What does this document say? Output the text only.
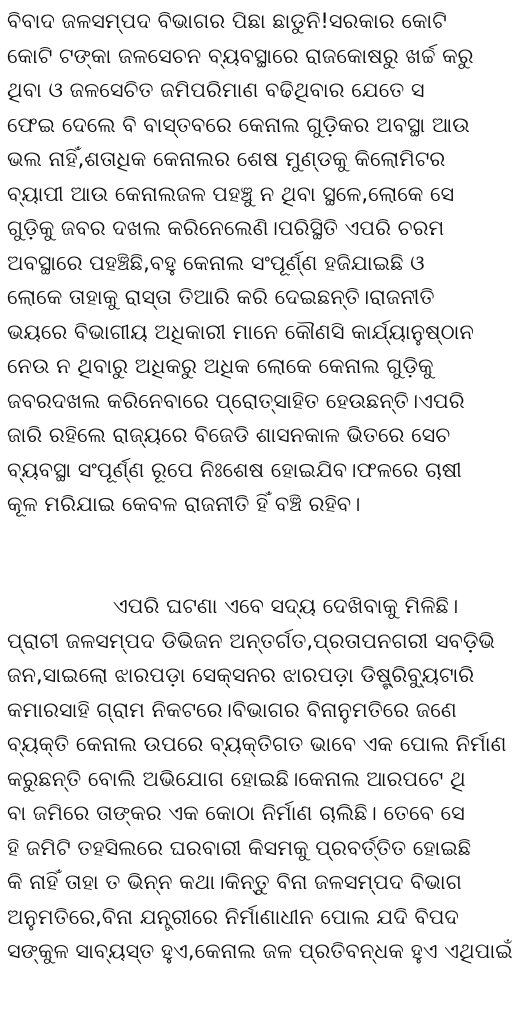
ବିବାଦ ଜଳସମ୍ପଦ ବିଭାଗର ପିଛା ଛାଡୁନି!ସରକାର କୋଟି
କୋଟି ଟଙ୍କା ଜଳସେଚନ ବ୍ୟବସ୍ଥାରେ ରାଜକୋଷରୁ ଖର୍ଚ୍ଚ କରୁ
ଥିବା ଓ ଜଳସେଚିତ ଜମିପରିମାଣ ବଢିଥିବାର ଯେତେ ସ
ଫେଇ ଦେଲେ ବି ବାସ୍ତବରେ କେନାଲ ଗୁଡ଼ିକର ଅବସ୍ଥା ଆଉ
ଭଲ ନାହିଁ,ଶତାଧିକ କେନାଲର ଶେଷ ମୁଣ୍ଡକୁ କିଲୋମିଟର
ବ୍ୟାପୀ ଆଉ କେନାଲଜଳ ପହଞ୍ଚୁ ନ ଥିବା ସ୍ଥଳେ,ଲୋକେ ସେ
ଗୁଡ଼ିକୁ ଜବର ଦଖଲ କରିନେଲେଣି।ପରିସ୍ଥିତି ଏପରି ଚରମ
ଅବସ୍ଥାରେ ପହଞ୍ଚିଛି,ବହୁ କେନାଲ ସଂପୂର୍ଣ୍ଣ ହଜିଯାଇଛି ଓ
ଲୋକେ ତାହାକୁ ରାସ୍ତା ତିଆରି କରି ଦେଇଛନ୍ତି।ରାଜନୀତି
ଭୟରେ ବିଭାଗୀୟ ଅଧିକାରୀ ମାନେ କୌଣସି କାର୍ଯ୍ୟାନୁଷ୍ଠାନ
ନେଉ ନ ଥିବାରୁ ଅଧିକରୁ ଅଧିକ ଲୋକେ କେନାଲ ଗୁଡ଼ିକୁ
ଜବରଦଖଲ କରିନେବାରେ ପ୍ରୋତ୍ସାହିତ ହେଉଛନ୍ତି।ଏପରି
ଜାରି ରହିଲେ ରାଜ୍ୟରେ ବିଜେଡି ଶାସନକାଳ ଭିତରେ ସେଚ
ବ୍ୟବସ୍ଥା ସଂପୂର୍ଣ୍ଣ ରୂପେ ନିଃଶେଷ ହୋଇଯିବ।ଫଳରେ ଚାଷୀ
କୂଳ ମରିଯାଇ କେବଳ ରାଜନୀତି ହିଁ ବଞ୍ଚି ରହିବ।
ଏପରି ଘଟଣା ଏବେ ସଦ୍ୟ ଦେଖିବାକୁ ମିଳିଛି।
ପ୍ରାଚୀ ଜଳସମ୍ପଦ ଡିଭିଜନ ଅନ୍ତର୍ଗତ,ପ୍ରତାପନଗରୀ ସବଡ଼ିଭି
ଜନ,ସାଇଲୋ ଝାରପଡ଼ା ସେକ୍ସନର ଝାରପଡ଼ା ଡିଷ୍ଟ୍ରିବ୍ୟୁଟାରି
କମାରସାହି ଗ୍ରାମ ନିକଟରେ।ବିଭାଗର ବିନାନୁମତିରେ ଜଣେ
ବ୍ୟକ୍ତି କେନାଲ ଉପରେ ବ୍ୟକ୍ତିଗତ ଭାବେ ଏକ ପୋଲ ନିର୍ମାଣ
କରୁଛନ୍ତି ବୋଲି ଅଭିଯୋଗ ହୋଇଛି।କେନାଲ ଆରପଟେ ଥି
ବା ଜମିରେ ତାଙ୍କର ଏକ କୋଠା ନିର୍ମାଣ ଚାଲିଛି। ତେବେ ସେ
ହି ଜମିଟି ତହସିଲରେ ଘରବାରୀ କିସମକୁ ପ୍ରବର୍ତ୍ତିତ ହୋଇଛି
କି ନାହିଁ ତାହା ତ ଭିନ୍ନ କଥା।କିନ୍ତୁ ବିନା ଜଳସମ୍ପଦ ବିଭାଗ
ଅନୁମତିରେ,ବିନା ଯନ୍ତ୍ରୀରେ ନିର୍ମାଣାଧୀନ ପୋଲ ଯଦି ବିପଦ
ସଙ୍କୁଳ ସାବ୍ୟସ୍ତ ହୁଏ,କେନାଲ ଜଳ ପ୍ରତିବନ୍ଧକ ହୁଏ ଏଥିପାଇଁ
